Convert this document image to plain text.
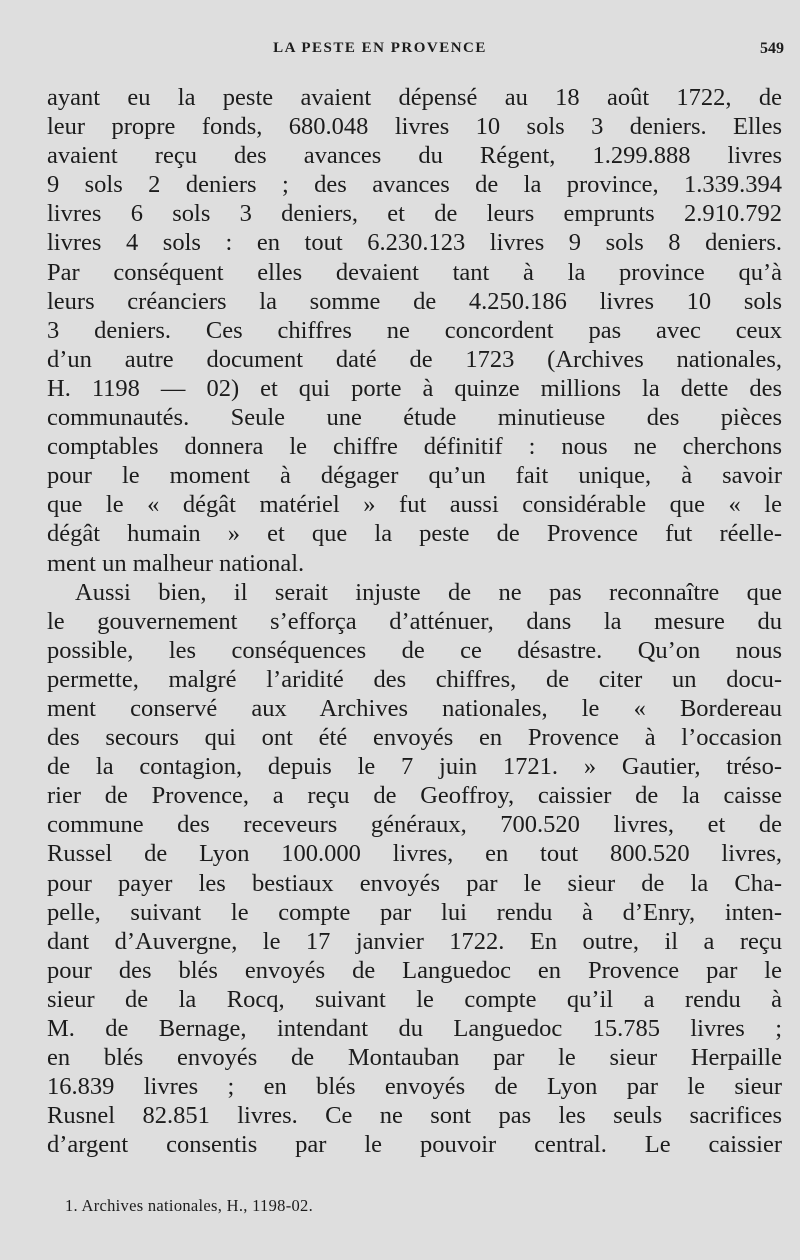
LA PESTE EN PROVENCE	549
ayant eu la peste avaient dépensé au 18 août 1722, de
leur propre fonds, 680.048 livres 10 sols 3 deniers. Elles
avaient reçu des avances du Régent, 1.299.888 livres
9 sols 2 deniers ; des avances de la province, 1.339.394
livres 6 sols 3 deniers, et de leurs emprunts 2.910.792
livres 4 sols : en tout 6.230.123 livres 9 sols 8 deniers.
Par conséquent elles devaient tant à la province qu’à
leurs créanciers la somme de 4.250.186 livres 10 sols
3 deniers. Ces chiffres ne concordent pas avec ceux
d’un autre document daté de 1723 (Archives nationales,
H. 1198 — 02) et qui porte à quinze millions la dette des
communautés. Seule une étude minutieuse des pièces
comptables donnera le chiffre définitif : nous ne cherchons
pour le moment à dégager qu’un fait unique, à savoir
que le « dégât matériel » fut aussi considérable que « le
dégât humain » et que la peste de Provence fut réelle-
ment un malheur national.
Aussi bien, il serait injuste de ne pas reconnaître que
le gouvernement s’efforça d’atténuer, dans la mesure du
possible, les conséquences de ce désastre. Qu’on nous
permette, malgré l’aridité des chiffres, de citer un docu-
ment conservé aux Archives nationales, le « Bordereau
des secours qui ont été envoyés en Provence à l’occasion
de la contagion, depuis le 7 juin 1721. » Gautier, tréso-
rier de Provence, a reçu de Geoffroy, caissier de la caisse
commune des receveurs généraux, 700.520 livres, et de
Russel de Lyon 100.000 livres, en tout 800.520 livres,
pour payer les bestiaux envoyés par le sieur de la Cha-
pelle, suivant le compte par lui rendu à d’Enry, inten-
dant d’Auvergne, le 17 janvier 1722. En outre, il a reçu
pour des blés envoyés de Languedoc en Provence par le
sieur de la Rocq, suivant le compte qu’il a rendu à
M. de Bernage, intendant du Languedoc 15.785 livres ;
en blés envoyés de Montauban par le sieur Herpaille
16.839 livres ; en blés envoyés de Lyon par le sieur
Rusnel 82.851 livres. Ce ne sont pas les seuls sacrifices
d’argent consentis par le pouvoir central. Le caissier
1. Archives nationales, H., 1198-02.
